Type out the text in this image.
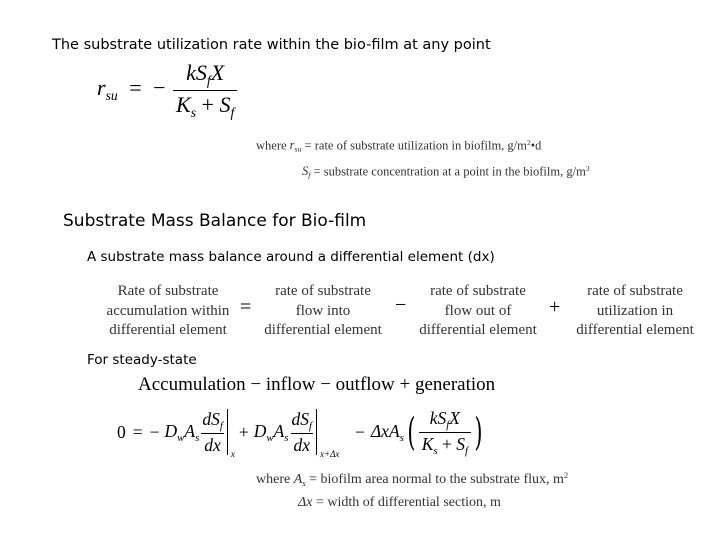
The substrate utilization rate within the bio-film at any point
$r_{su}$ = − $\frac{kS_fX}{K_s + S_f}$
where $r_{su}$ = rate of substrate utilization in biofilm, $g/m^2•d$
$S_f$ = substrate concentration at a point in the biofilm, $g/m^3$
Substrate Mass Balance for Bio-film
A substrate mass balance around a differential element (dx)
Rate of substrate
accumulation within
differential element
=
rate of substrate
flow into
differential element
−
rate of substrate
flow out of
differential element
+
rate of substrate
utilization in
differential element
For steady-state
Accumulation − inflow − outflow + generation
0 = − $D_wA_s \frac{dS_f}{dx}$ x
+ $D_wA_s \frac{dS_f}{dx} x+\Delta x$
− ΔxA$_s$ ( $\frac{kS_fX}{K_s + S_f}$ )
where $A_s$ = biofilm area normal to the substrate flux, $m^2$
Δx = width of differential section, m
